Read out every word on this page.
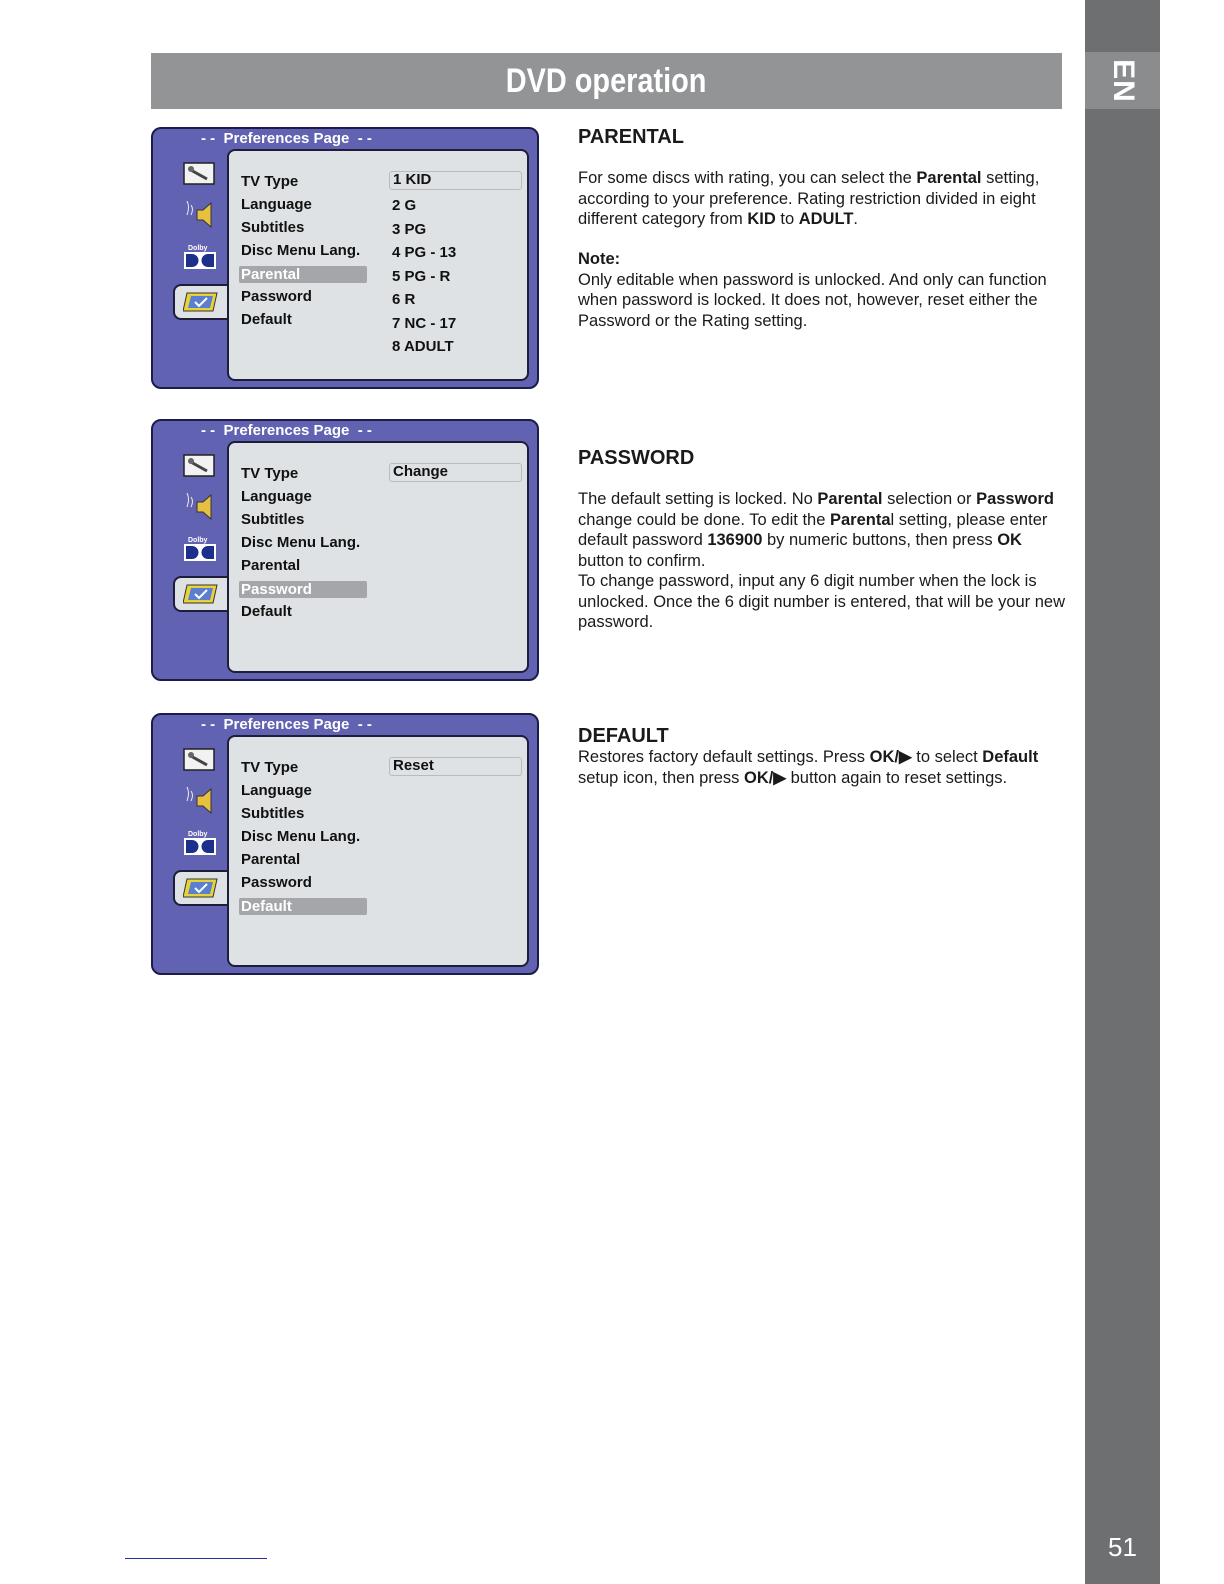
EN
51
DVD operation
- -  Preferences Page  - -
Dolby
TV Type
Language
Subtitles
Disc Menu Lang.
Parental
Password
Default
1 KID
2 G
3 PG
4 PG - 13
5 PG - R
6 R
7 NC - 17
8 ADULT
- -  Preferences Page  - -
Dolby
TV Type
Language
Subtitles
Disc Menu Lang.
Parental
Password
Default
Change
- -  Preferences Page  - -
Dolby
TV Type
Language
Subtitles
Disc Menu Lang.
Parental
Password
Default
Reset
PARENTAL

For some discs with rating, you can select the Parental setting, according to your preference. Rating restriction divided in eight different category from KID to ADULT.

Note:
Only editable when password is unlocked. And only can function when password is locked. It does not, however, reset either the Password or the Rating setting.

PASSWORD

The default setting is locked. No Parental selection or Password change could be done. To edit the Parental setting, please enter default password 136900 by numeric buttons, then press OK button to confirm.
To change password, input any 6 digit number when the lock is unlocked. Once the 6 digit number is entered, that will be your new password.

DEFAULT

Restores factory default settings. Press OK/▶ to select Default setup icon, then press OK/▶ button again to reset settings.
